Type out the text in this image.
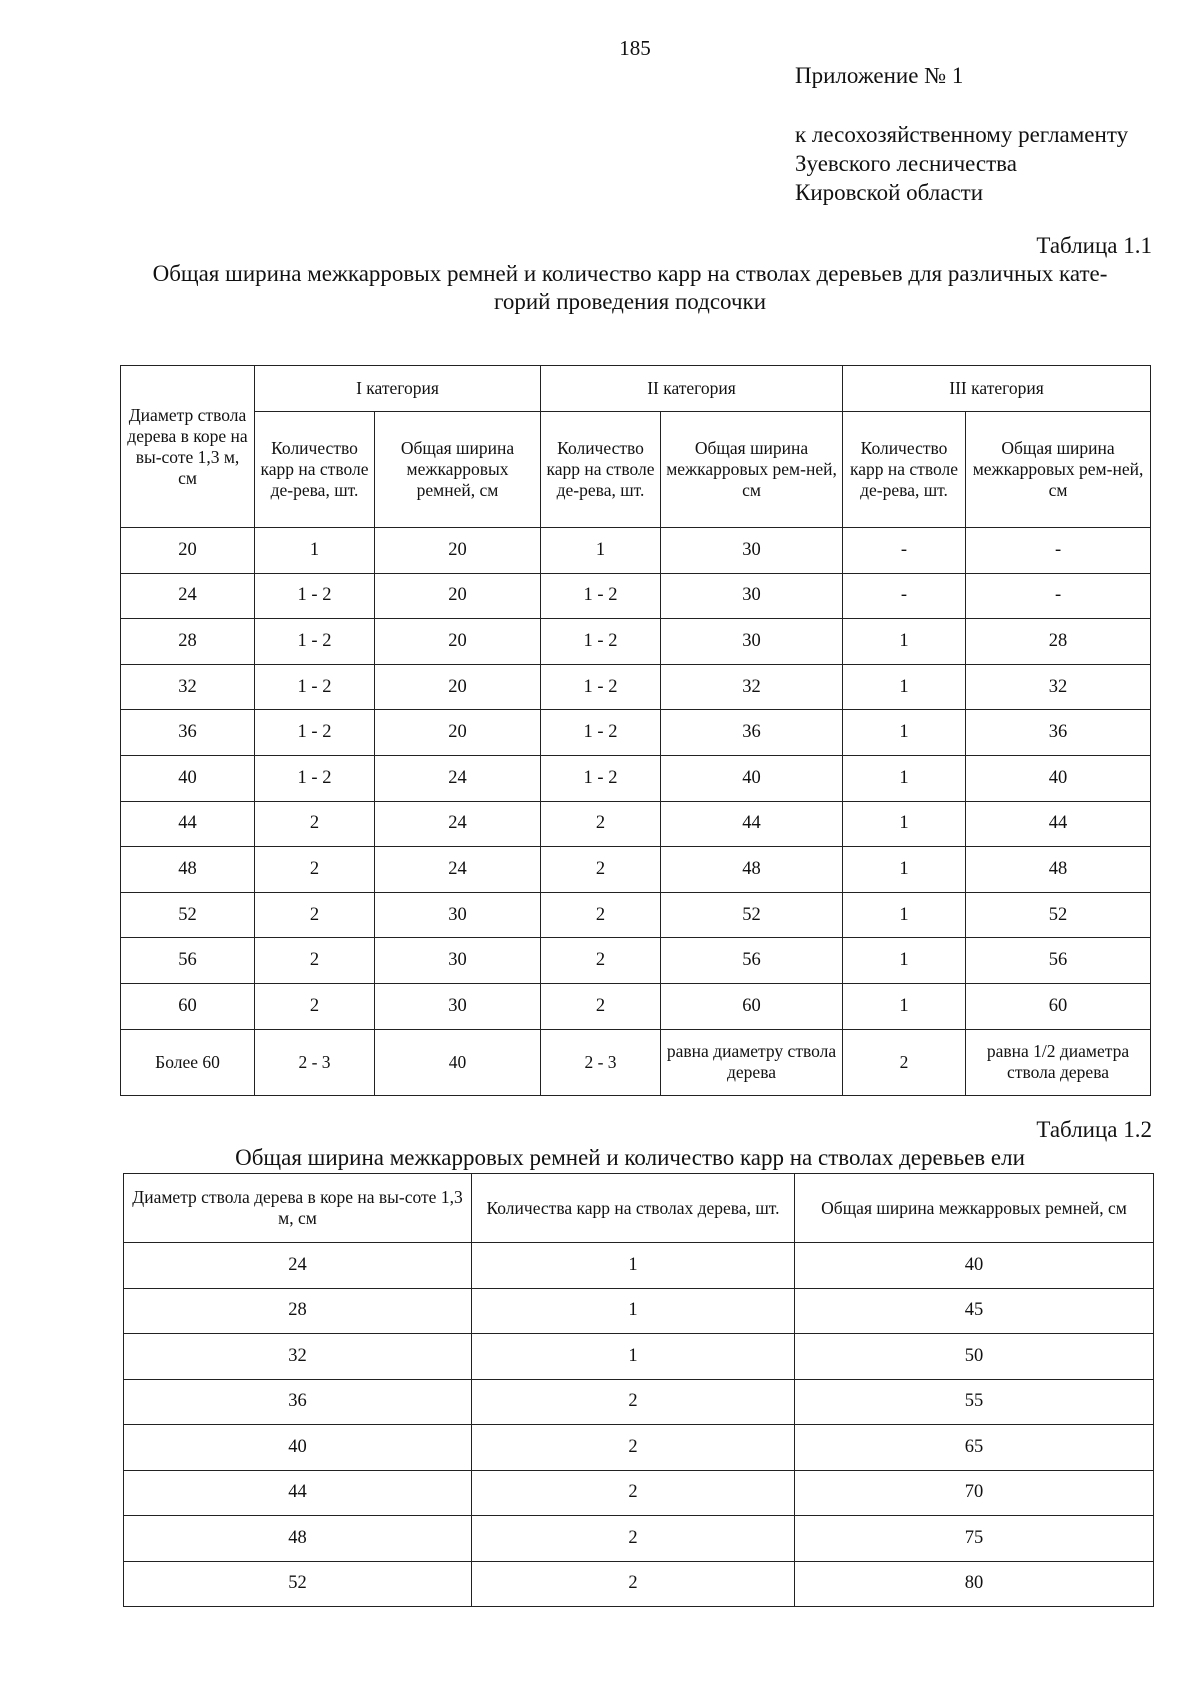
185
Приложение № 1
к лесохозяйственному регламенту
Зуевского лесничества
Кировской области
Таблица 1.1
Общая ширина межкарровых ремней и количество карр на стволах деревьев для различных кате-
горий проведения подсочки
Диаметр ствола дерева в коре на вы-соте 1,3 м, см	I категория		II категория		III категория	
	Количество карр на стволе де-рева, шт.	Общая ширина межкарровых ремней, см	Количество карр на стволе де-рева, шт.	Общая ширина межкарровых рем-ней, см	Количество карр на стволе де-рева, шт.	Общая ширина межкарровых рем-ней, см
20	1	20	1	30	-	-
24	1 - 2	20	1 - 2	30	-	-
28	1 - 2	20	1 - 2	30	1	28
32	1 - 2	20	1 - 2	32	1	32
36	1 - 2	20	1 - 2	36	1	36
40	1 - 2	24	1 - 2	40	1	40
44	2	24	2	44	1	44
48	2	24	2	48	1	48
52	2	30	2	52	1	52
56	2	30	2	56	1	56
60	2	30	2	60	1	60
Более 60	2 - 3	40	2 - 3	равна диаметру ствола дерева	2	равна 1/2 диаметра ствола дерева
Таблица 1.2
Общая ширина межкарровых ремней и количество карр на стволах деревьев ели
Диаметр ствола дерева в коре на вы-соте 1,3 м, см	Количества карр на стволах дерева, шт.	Общая ширина межкарровых ремней, см
24	1	40
28	1	45
32	1	50
36	2	55
40	2	65
44	2	70
48	2	75
52	2	80
